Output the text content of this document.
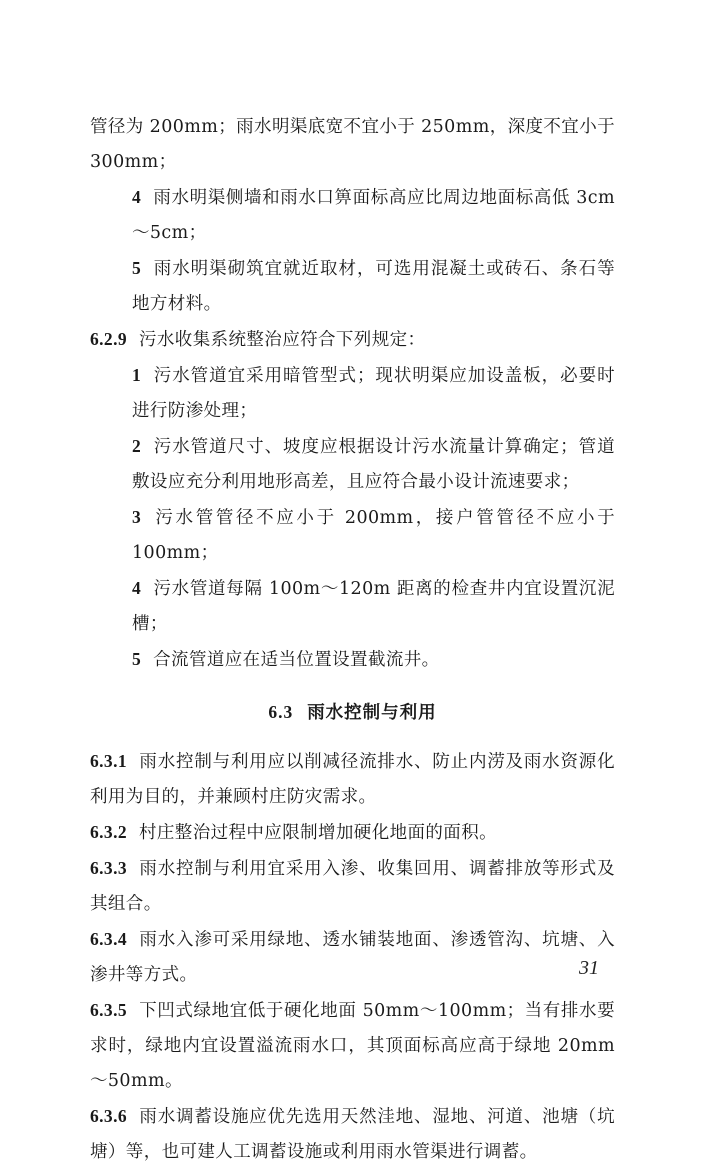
管径为 200mm；雨水明渠底宽不宜小于 250mm，深度不宜小于 300mm；

4 雨水明渠侧墙和雨水口箅面标高应比周边地面标高低 3cm～5cm；

5 雨水明渠砌筑宜就近取材，可选用混凝土或砖石、条石等地方材料。

6.2.9 污水收集系统整治应符合下列规定：

1 污水管道宜采用暗管型式；现状明渠应加设盖板，必要时进行防渗处理；

2 污水管道尺寸、坡度应根据设计污水流量计算确定；管道敷设应充分利用地形高差，且应符合最小设计流速要求；

3 污水管管径不应小于 200mm，接户管管径不应小于 100mm；

4 污水管道每隔 100m～120m 距离的检查井内宜设置沉泥槽；

5 合流管道应在适当位置设置截流井。

6.3 雨水控制与利用

6.3.1 雨水控制与利用应以削减径流排水、防止内涝及雨水资源化利用为目的，并兼顾村庄防灾需求。

6.3.2 村庄整治过程中应限制增加硬化地面的面积。

6.3.3 雨水控制与利用宜采用入渗、收集回用、调蓄排放等形式及其组合。

6.3.4 雨水入渗可采用绿地、透水铺装地面、渗透管沟、坑塘、入渗井等方式。

6.3.5 下凹式绿地宜低于硬化地面 50mm～100mm；当有排水要求时，绿地内宜设置溢流雨水口，其顶面标高应高于绿地 20mm～50mm。

6.3.6 雨水调蓄设施应优先选用天然洼地、湿地、河道、池塘（坑塘）等，也可建人工调蓄设施或利用雨水管渠进行调蓄。

31
